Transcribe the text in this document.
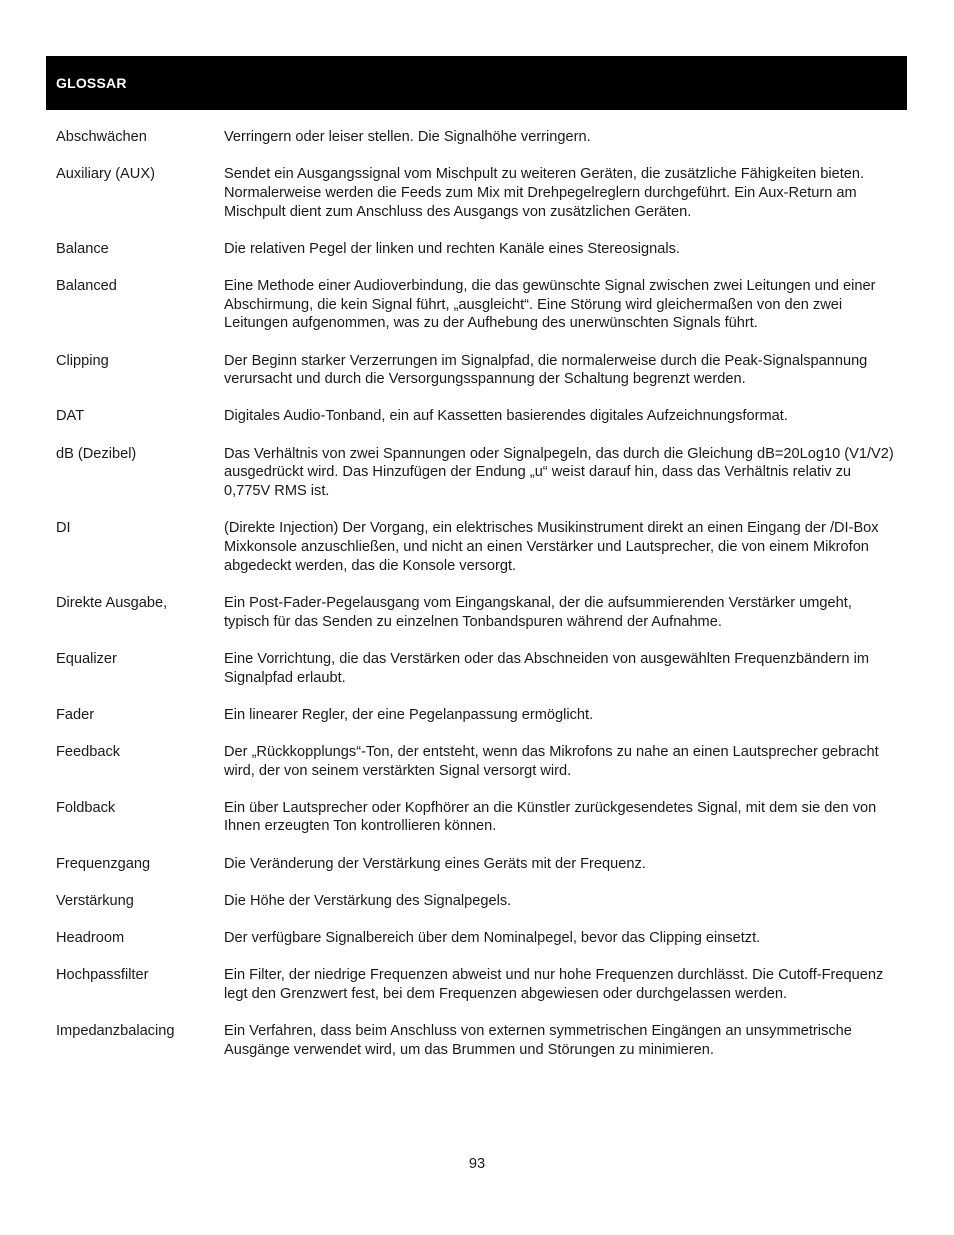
GLOSSAR
Abschwächen	Verringern oder leiser stellen. Die Signalhöhe verringern.
Auxiliary (AUX)	Sendet ein Ausgangssignal vom Mischpult zu weiteren Geräten, die zusätzliche Fähigkeiten bieten. Normalerweise werden die Feeds zum Mix mit Drehpegelreglern durchgeführt. Ein Aux-Return am Mischpult dient zum Anschluss des Ausgangs von zusätzlichen Geräten.
Balance	Die relativen Pegel der linken und rechten Kanäle eines Stereosignals.
Balanced	Eine Methode einer Audioverbindung, die das gewünschte Signal zwischen zwei Leitungen und einer Abschirmung, die kein Signal führt, „ausgleicht“. Eine Störung wird gleichermaßen von den zwei Leitungen aufgenommen, was zu der Aufhebung des unerwünschten Signals führt.
Clipping	Der Beginn starker Verzerrungen im Signalpfad, die normalerweise durch die Peak-Signalspannung verursacht und durch die Versorgungsspannung der Schaltung begrenzt werden.
DAT	Digitales Audio-Tonband, ein auf Kassetten basierendes digitales Aufzeichnungsformat.
dB (Dezibel)	Das Verhältnis von zwei Spannungen oder Signalpegeln, das durch die Gleichung dB=20Log10 (V1/V2) ausgedrückt wird. Das Hinzufügen der Endung „u“ weist darauf hin, dass das Verhältnis relativ zu 0,775V RMS ist.
DI	(Direkte Injection) Der Vorgang, ein elektrisches Musikinstrument direkt an einen Eingang der /DI-Box Mixkonsole anzuschließen, und nicht an einen Verstärker und Lautsprecher, die von einem Mikrofon abgedeckt werden, das die Konsole versorgt.
Direkte Ausgabe,	Ein Post-Fader-Pegelausgang vom Eingangskanal, der die aufsummierenden Verstärker umgeht, typisch für das Senden zu einzelnen Tonbandspuren während der Aufnahme.
Equalizer	Eine Vorrichtung, die das Verstärken oder das Abschneiden von ausgewählten Frequenzbändern im Signalpfad erlaubt.
Fader	Ein linearer Regler, der eine Pegelanpassung ermöglicht.
Feedback	Der „Rückkopplungs“-Ton, der entsteht, wenn das Mikrofons zu nahe an einen Lautsprecher gebracht wird, der von seinem verstärkten Signal versorgt wird.
Foldback	Ein über Lautsprecher oder Kopfhörer an die Künstler zurückgesendetes Signal, mit dem sie den von Ihnen erzeugten Ton kontrollieren können.
Frequenzgang	Die Veränderung der Verstärkung eines Geräts mit der Frequenz.
Verstärkung	Die Höhe der Verstärkung des Signalpegels.
Headroom	Der verfügbare Signalbereich über dem Nominalpegel, bevor das Clipping einsetzt.
Hochpassfilter	Ein Filter, der niedrige Frequenzen abweist und nur hohe Frequenzen durchlässt. Die Cutoff-Frequenz legt den Grenzwert fest, bei dem Frequenzen abgewiesen oder durchgelassen werden.
Impedanzbalacing	Ein Verfahren, dass beim Anschluss von externen symmetrischen Eingängen an unsymmetrische Ausgänge verwendet wird, um das Brummen und Störungen zu minimieren.
93
